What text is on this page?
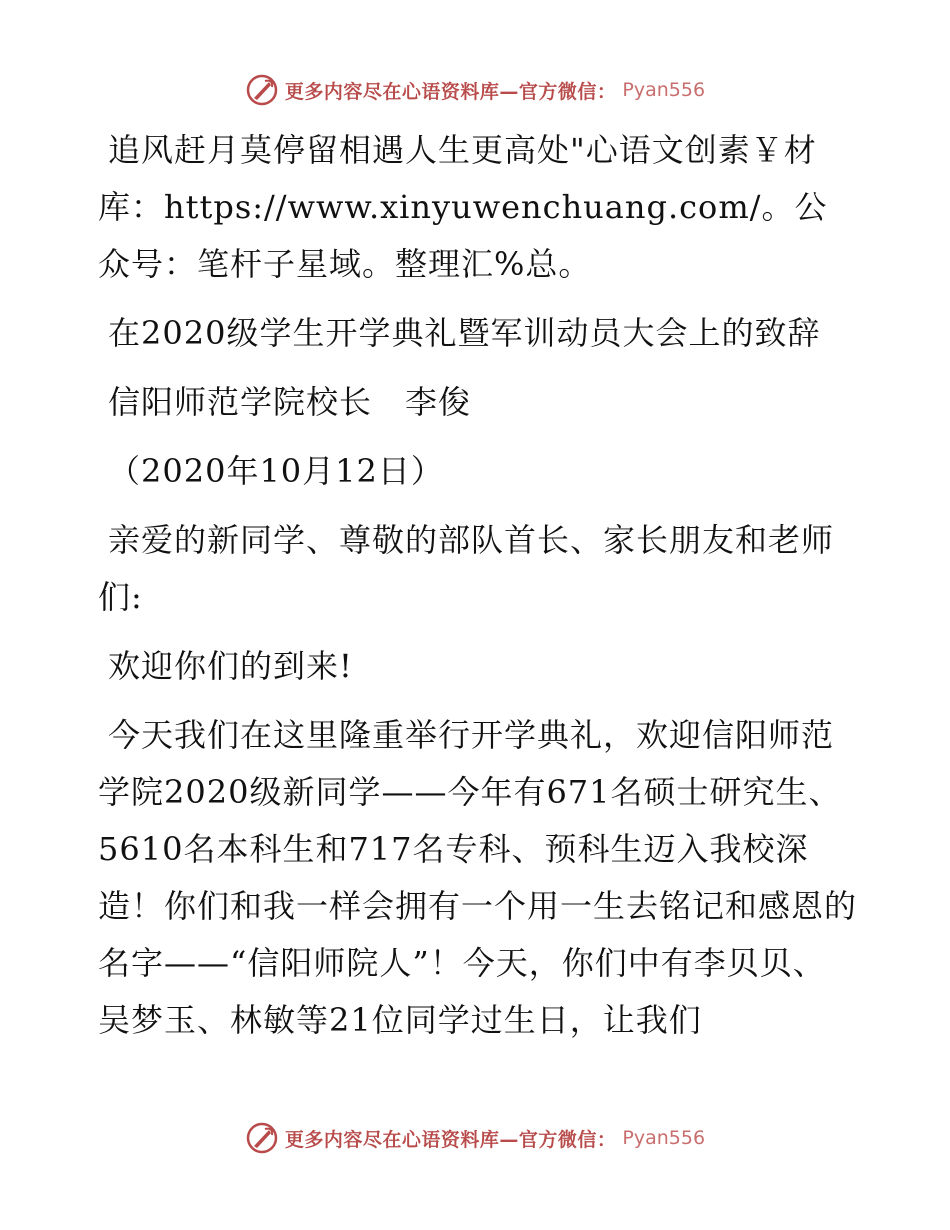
更多内容尽在心语资料库—官方微信： Pyan556

追风赶月莫停留相遇人生更高处"心语文创素￥材库：https://www.xinyuwenchuang.com/。公众号：笔杆子星域。整理汇%总。

在2020级学生开学典礼暨军训动员大会上的致辞

信阳师范学院校长　李俊

（2020年10月12日）

亲爱的新同学、尊敬的部队首长、家长朋友和老师们:

欢迎你们的到来!

今天我们在这里隆重举行开学典礼，欢迎信阳师范学院2020级新同学——今年有671名硕士研究生、5610名本科生和717名专科、预科生迈入我校深造！你们和我一样会拥有一个用一生去铭记和感恩的名字——“信阳师院人”！今天，你们中有李贝贝、吴梦玉、林敏等21位同学过生日，让我们

更多内容尽在心语资料库—官方微信： Pyan556
